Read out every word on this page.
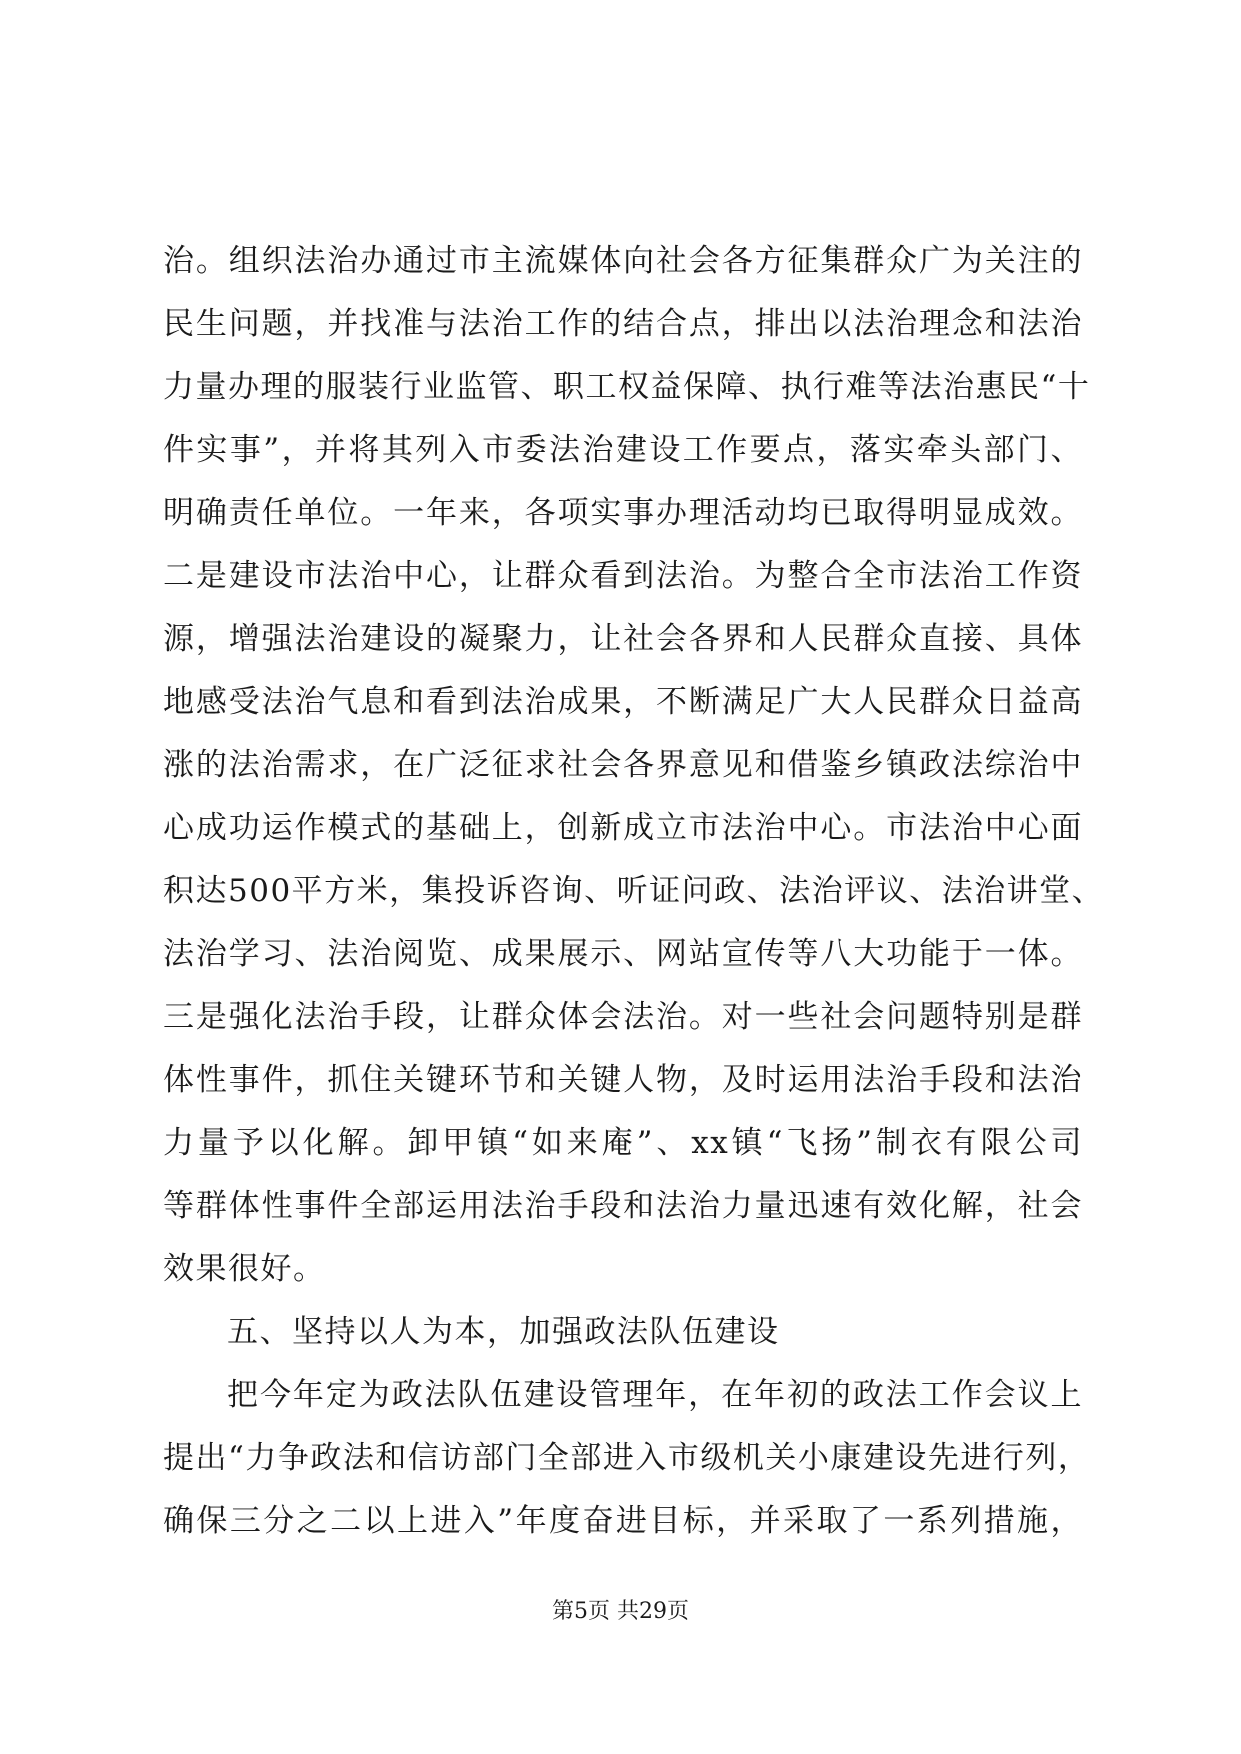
治。组织法治办通过市主流媒体向社会各方征集群众广为关注的
民生问题，并找准与法治工作的结合点，排出以法治理念和法治
力量办理的服装行业监管、职工权益保障、执行难等法治惠民“十
件实事”，并将其列入市委法治建设工作要点，落实牵头部门、
明确责任单位。一年来，各项实事办理活动均已取得明显成效。
二是建设市法治中心，让群众看到法治。为整合全市法治工作资
源，增强法治建设的凝聚力，让社会各界和人民群众直接、具体
地感受法治气息和看到法治成果，不断满足广大人民群众日益高
涨的法治需求，在广泛征求社会各界意见和借鉴乡镇政法综治中
心成功运作模式的基础上，创新成立市法治中心。市法治中心面
积达500平方米，集投诉咨询、听证问政、法治评议、法治讲堂、
法治学习、法治阅览、成果展示、网站宣传等八大功能于一体。
三是强化法治手段，让群众体会法治。对一些社会问题特别是群
体性事件，抓住关键环节和关键人物，及时运用法治手段和法治
力量予以化解。卸甲镇“如来庵”、xx镇“飞扬”制衣有限公司
等群体性事件全部运用法治手段和法治力量迅速有效化解，社会
效果很好。
五、坚持以人为本，加强政法队伍建设
把今年定为政法队伍建设管理年，在年初的政法工作会议上
提出“力争政法和信访部门全部进入市级机关小康建设先进行列，
确保三分之二以上进入”年度奋进目标，并采取了一系列措施，
第5页 共29页
